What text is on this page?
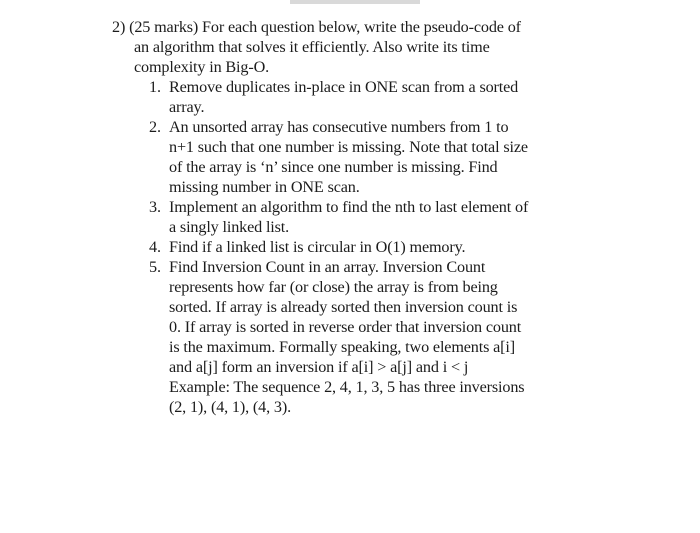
2) (25 marks) For each question below, write the pseudo-code of
an algorithm that solves it efficiently. Also write its time
complexity in Big-O.
1. Remove duplicates in-place in ONE scan from a sorted
array.
2. An unsorted array has consecutive numbers from 1 to
n+1 such that one number is missing. Note that total size
of the array is ‘n’ since one number is missing. Find
missing number in ONE scan.
3. Implement an algorithm to find the nth to last element of
a singly linked list.
4. Find if a linked list is circular in O(1) memory.
5. Find Inversion Count in an array. Inversion Count
represents how far (or close) the array is from being
sorted. If array is already sorted then inversion count is
0. If array is sorted in reverse order that inversion count
is the maximum. Formally speaking, two elements a[i]
and a[j] form an inversion if a[i] > a[j] and i < j
Example: The sequence 2, 4, 1, 3, 5 has three inversions
(2, 1), (4, 1), (4, 3).
